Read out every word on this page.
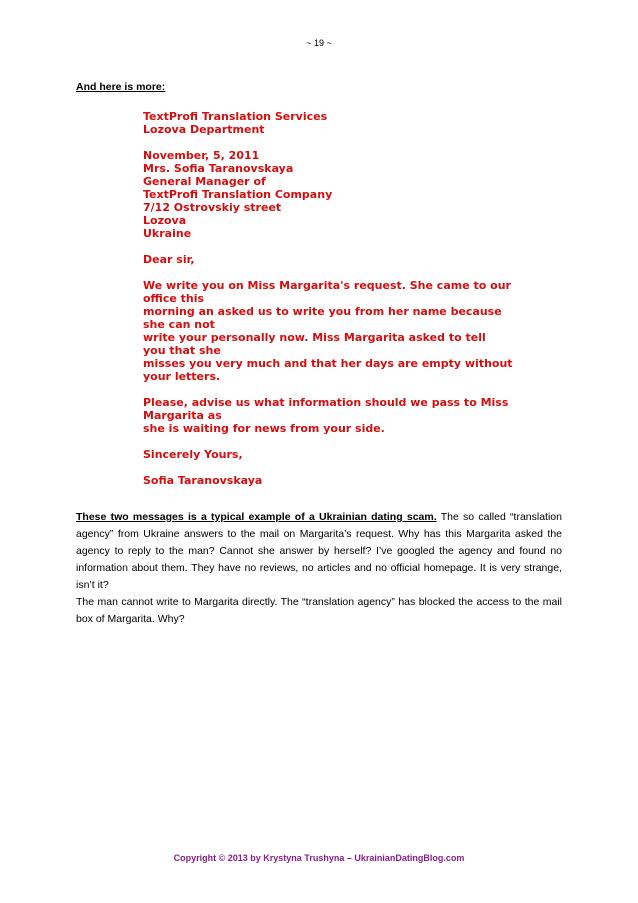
~ 19 ~
And here is more:
TextProfi Translation Services
Lozova Department
November, 5, 2011
Mrs. Sofia Taranovskaya
General Manager of
TextProfi Translation Company
7/12 Ostrovskiy street
Lozova
Ukraine
Dear sir,
We write you on Miss Margarita's request. She came to our
office this
morning an asked us to write you from her name because
she can not
write your personally now. Miss Margarita asked to tell
you that she
misses you very much and that her days are empty without
your letters.
Please, advise us what information should we pass to Miss
Margarita as
she is waiting for news from your side.
Sincerely Yours,
Sofia Taranovskaya
These two messages is a typical example of a Ukrainian dating scam. The so called “translation agency” from Ukraine answers to the mail on Margarita’s request. Why has this Margarita asked the agency to reply to the man? Cannot she answer by herself? I’ve googled the agency and found no information about them. They have no reviews, no articles and no official homepage. It is very strange, isn’t it?
The man cannot write to Margarita directly. The “translation agency” has blocked the access to the mail box of Margarita. Why?
Copyright © 2013 by Krystyna Trushyna – UkrainianDatingBlog.com
